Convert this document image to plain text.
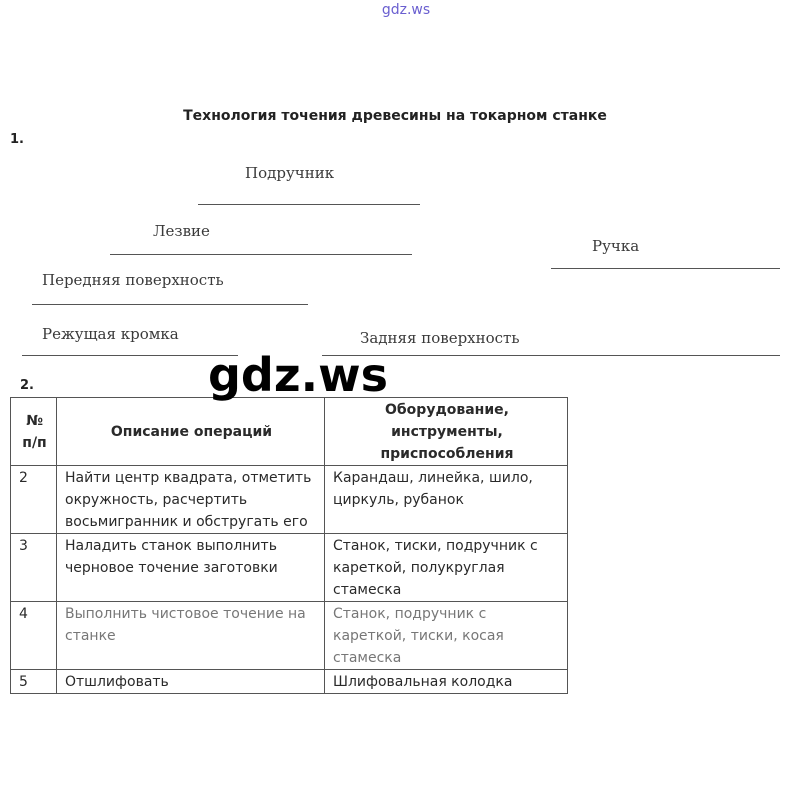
gdz.ws
Технология точения древесины на токарном станке
1.
Подручник
Лезвие
Ручка
Передняя поверхность
Режущая кромка	Задняя поверхность
2.
№ п/п	Описание операций	Оборудование, инструменты, приспособления
2	Найти центр квадрата, отметить окружность, расчертить восьмигранник и обстругать его	Карандаш, линейка, шило, циркуль, рубанок
3	Наладить станок выполнить черновое точение заготовки	Станок, тиски, подручник с кареткой, полукруглая стамеска
4	Выполнить чистовое точение на станке	Станок, подручник с кареткой, тиски, косая стамеска
5	Отшлифовать	Шлифовальная колодка
gdz.ws
